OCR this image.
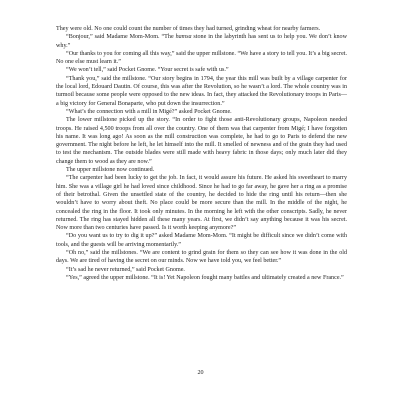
They were old. No one could count the number of times they had turned, grinding wheat for nearby farmers.

“Bonjour,” said Madame Mom-Mom. “The hamsa stone in the labyrinth has sent us to help you. We don’t know why.”

“Our thanks to you for coming all this way,” said the upper millstone. “We have a story to tell you. It’s a big secret. No one else must learn it.”

“We won’t tell,” said Pocket Gnome. “Your secret is safe with us.”

“Thank you,” said the millstone. “Our story begins in 1794, the year this mill was built by a village carpenter for the local lord, Edouard Dautin. Of course, this was after the Revolution, so he wasn’t a lord. The whole country was in turmoil because some people were opposed to the new ideas. In fact, they attacked the Revolutionary troops in Paris—a big victory for General Bonaparte, who put down the insurrection.”

“What’s the connection with a mill in Migé?” asked Pocket Gnome.

The lower millstone picked up the story. “In order to fight those anti-Revolutionary groups, Napoleon needed troops. He raised 4,500 troops from all over the country. One of them was that carpenter from Migé; I have forgotten his name. It was long ago! As soon as the mill construction was complete, he had to go to Paris to defend the new government. The night before he left, he let himself into the mill. It smelled of newness and of the grain they had used to test the mechanism. The outside blades were still made with heavy fabric in those days; only much later did they change them to wood as they are now.”

The upper millstone now continued.

“The carpenter had been lucky to get the job. In fact, it would assure his future. He asked his sweetheart to marry him. She was a village girl he had loved since childhood. Since he had to go far away, he gave her a ring as a promise of their betrothal. Given the unsettled state of the country, he decided to hide the ring until his return—then she wouldn’t have to worry about theft. No place could be more secure than the mill. In the middle of the night, he concealed the ring in the floor. It took only minutes. In the morning he left with the other conscripts. Sadly, he never returned. The ring has stayed hidden all these many years. At first, we didn’t say anything because it was his secret. Now more than two centuries have passed. Is it worth keeping anymore?”

“Do you want us to try to dig it up?” asked Madame Mom-Mom. “It might be difficult since we didn’t come with tools, and the guests will be arriving momentarily.”

“Oh no,” said the millstones. “We are content to grind grain for them so they can see how it was done in the old days. We are tired of having the secret on our minds. Now we have told you, we feel better.”

“It’s sad he never returned,” said Pocket Gnome.

“Yes,” agreed the upper millstone. “It is! Yet Napoleon fought many battles and ultimately created a new France.”

20
